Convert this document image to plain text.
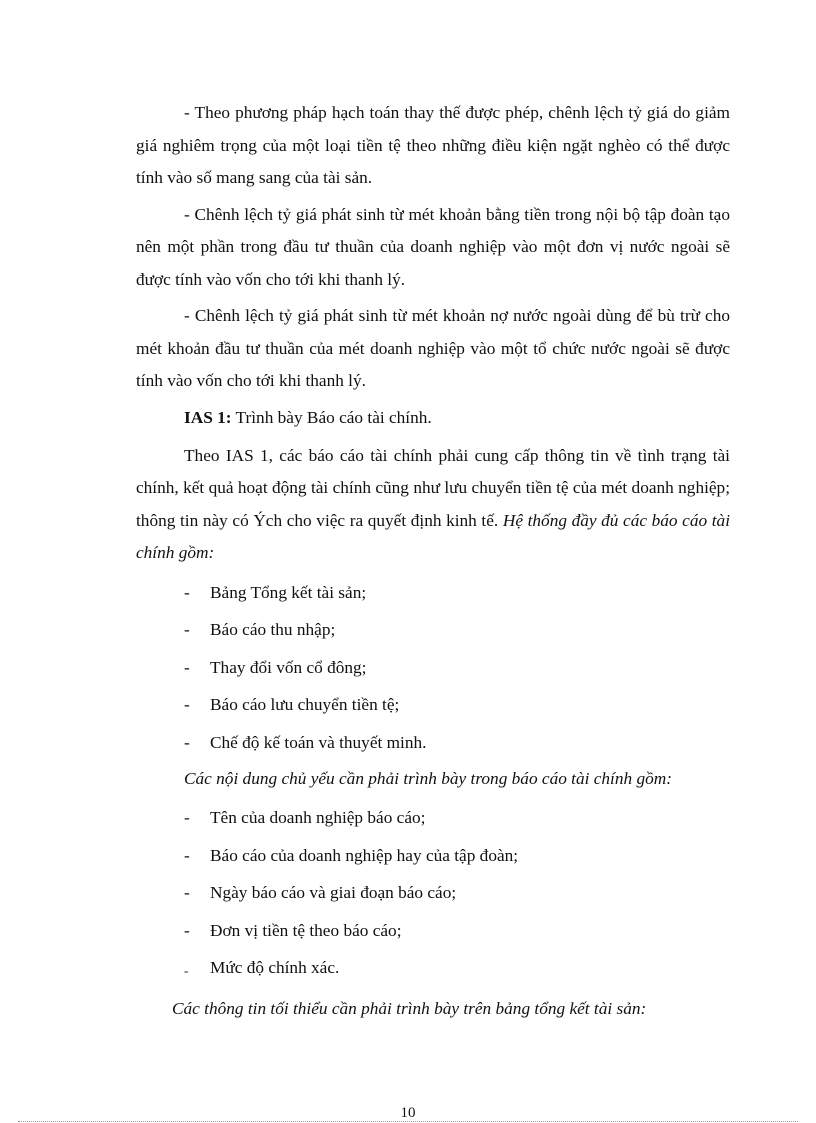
- Theo phương pháp hạch toán thay thế được phép, chênh lệch tỷ giá do giảm giá nghiêm trọng của một loại tiền tệ theo những điều kiện ngặt nghèo có thể được tính vào số mang sang của tài sản.

- Chênh lệch tỷ giá phát sinh từ mét khoản bằng tiền trong nội bộ tập đoàn tạo nên một phần trong đầu tư thuần của doanh nghiệp vào một đơn vị nước ngoài sẽ được tính vào vốn cho tới khi thanh lý.

- Chênh lệch tỷ giá phát sinh từ mét khoản nợ nước ngoài dùng để bù trừ cho mét khoản đầu tư thuần của mét doanh nghiệp vào một tổ chức nước ngoài sẽ được tính vào vốn cho tới khi thanh lý.

IAS 1: Trình bày Báo cáo tài chính.

Theo IAS 1, các báo cáo tài chính phải cung cấp thông tin về tình trạng tài chính, kết quả hoạt động tài chính cũng như lưu chuyển tiền tệ của mét doanh nghiệp; thông tin này có Ých cho việc ra quyết định kinh tế. Hệ thống đầy đủ các báo cáo tài chính gồm:

- Bảng Tổng kết tài sản;
- Báo cáo thu nhập;
- Thay đổi vốn cổ đông;
- Báo cáo lưu chuyển tiền tệ;
- Chế độ kế toán và thuyết minh.

Các nội dung chủ yếu cần phải trình bày trong báo cáo tài chính gồm:

- Tên của doanh nghiệp báo cáo;
- Báo cáo của doanh nghiệp hay của tập đoàn;
- Ngày báo cáo và giai đoạn báo cáo;
- Đơn vị tiền tệ theo báo cáo;
- Mức độ chính xác.

Các thông tin tối thiểu cần phải trình bày trên bảng tổng kết tài sản:

10
